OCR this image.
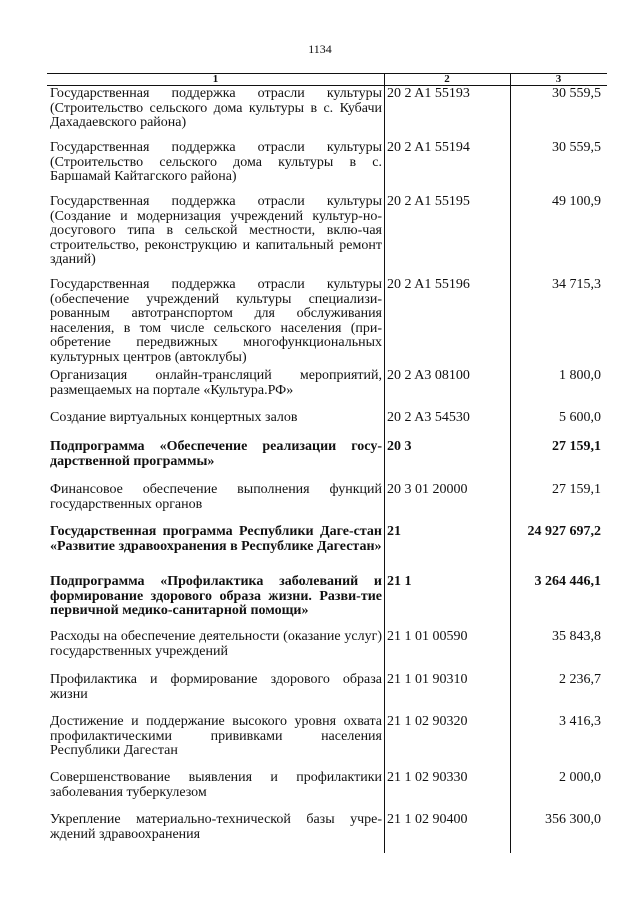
1134
1	2	3
Государственная поддержка отрасли культуры (Строительство сельского дома культуры в с. Кубачи Дахадаевского района)
20 2 A1 55193	30 559,5
Государственная поддержка отрасли культуры (Строительство сельского дома культуры в с. Баршамай Кайтагского района)
20 2 A1 55194	30 559,5
Государственная поддержка отрасли культуры (Создание и модернизация учреждений культур-но-досугового типа в сельской местности, вклю-чая строительство, реконструкцию и капитальный ремонт зданий)
20 2 A1 55195	49 100,9
Государственная поддержка отрасли культуры (обеспечение учреждений культуры специализи-рованным автотранспортом для обслуживания населения, в том числе сельского населения (при-обретение передвижных многофункциональных культурных центров (автоклубы)
20 2 A1 55196	34 715,3
Организация онлайн-трансляций мероприятий, размещаемых на портале «Культура.РФ»
20 2 A3 08100	1 800,0
Создание виртуальных концертных залов	20 2 A3 54530	5 600,0
Подпрограмма «Обеспечение реализации госу-дарственной программы»
20 3	27 159,1
Финансовое обеспечение выполнения функций государственных органов
20 3 01 20000	27 159,1
Государственная программа Республики Даге-стан «Развитие здравоохранения в Республике Дагестан»
21	24 927 697,2
Подпрограмма «Профилактика заболеваний и формирование здорового образа жизни. Разви-тие первичной медико-санитарной помощи»
21 1	3 264 446,1
Расходы на обеспечение деятельности (оказание услуг) государственных учреждений
21 1 01 00590	35 843,8
Профилактика и формирование здорового образа жизни
21 1 01 90310	2 236,7
Достижение и поддержание высокого уровня охвата профилактическими прививками населения Республики Дагестан
21 1 02 90320	3 416,3
Совершенствование выявления и профилактики заболевания туберкулезом
21 1 02 90330	2 000,0
Укрепление материально-технической базы учре-ждений здравоохранения
21 1 02 90400	356 300,0
